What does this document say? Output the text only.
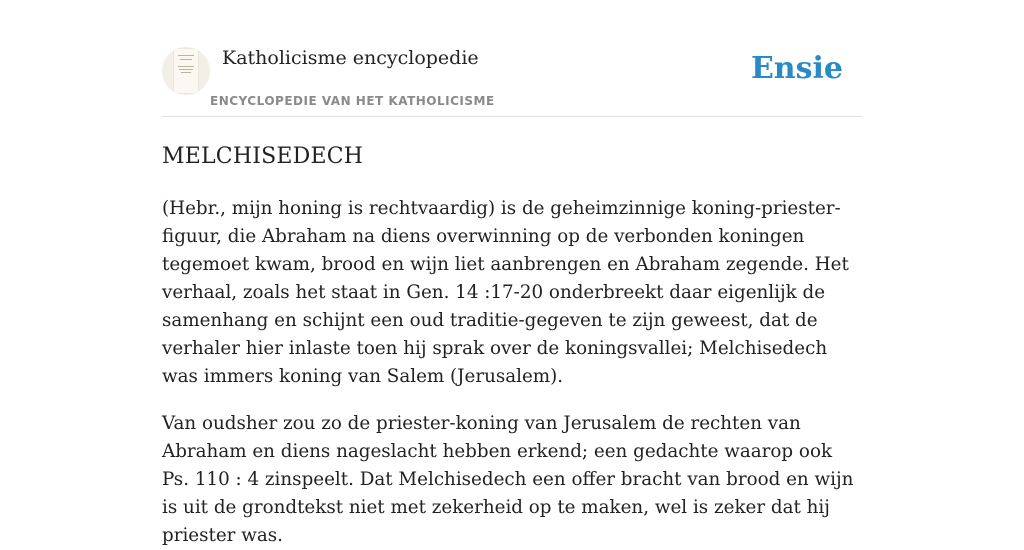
Katholicisme encyclopedie
ENCYCLOPEDIE VAN HET KATHOLICISME
Ensie
MELCHISEDECH

(Hebr., mijn honing is rechtvaardig) is de geheimzinnige koning-priester-figuur, die Abraham na diens overwinning op de verbonden koningen tegemoet kwam, brood en wijn liet aanbrengen en Abraham zegende. Het verhaal, zoals het staat in Gen. 14 :17-20 onderbreekt daar eigenlijk de samenhang en schijnt een oud traditie-gegeven te zijn geweest, dat de verhaler hier inlaste toen hij sprak over de koningsvallei; Melchisedech was immers koning van Salem (Jerusalem).

Van oudsher zou zo de priester-koning van Jerusalem de rechten van Abraham en diens nageslacht hebben erkend; een gedachte waarop ook Ps. 110 : 4 zinspeelt. Dat Melchisedech een offer bracht van brood en wijn is uit de grondtekst niet met zekerheid op te maken, wel is zeker dat hij priester was.
